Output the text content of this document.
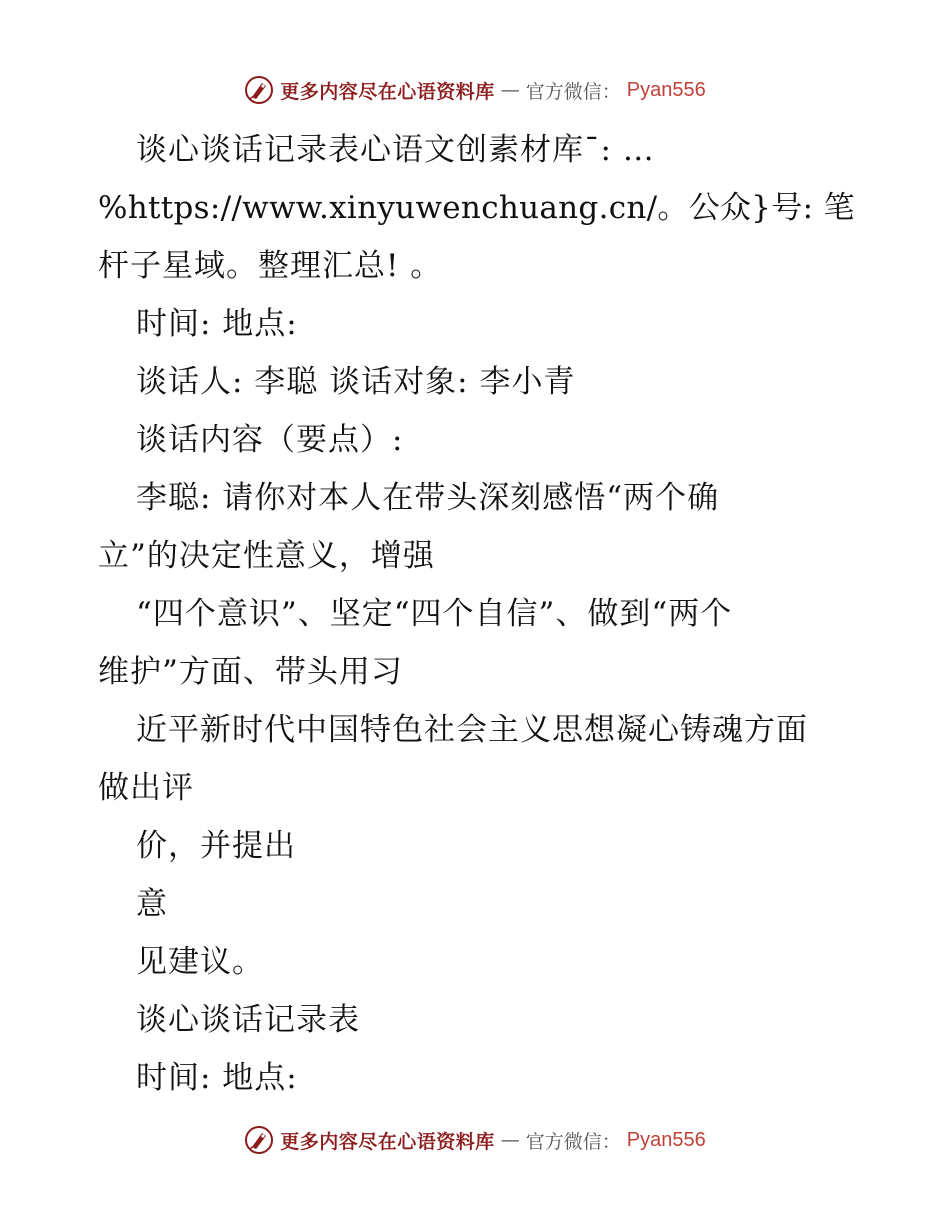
更多内容尽在心语资料库 — 官方微信： Pyan556
谈心谈话记录表心语文创素材库¯: …
%https://www.xinyuwenchuang.cn/。公众}号: 笔
杆子星域。整理汇总! 。
时间: 地点:
谈话人: 李聪 谈话对象: 李小青
谈话内容（要点）:
李聪: 请你对本人在带头深刻感悟“两个确
立”的决定性意义，增强
“四个意识”、坚定“四个自信”、做到“两个
维护”方面、带头用习
近平新时代中国特色社会主义思想凝心铸魂方面
做出评
价，并提出
意
见建议。
谈心谈话记录表
时间: 地点:
更多内容尽在心语资料库 — 官方微信： Pyan556
